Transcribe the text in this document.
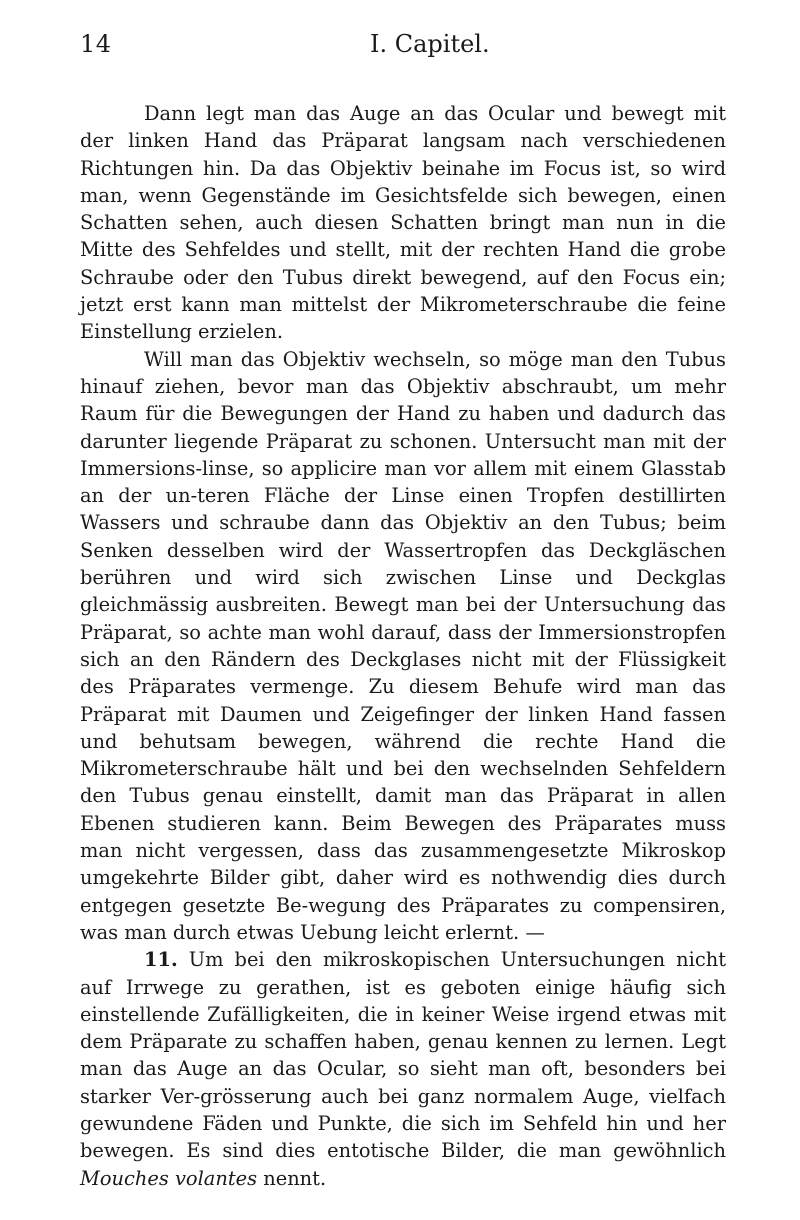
14	I. Capitel.

Dann legt man das Auge an das Ocular und bewegt mit der linken Hand das Präparat langsam nach verschiedenen Richtungen hin. Da das Objektiv beinahe im Focus ist, so wird man, wenn Gegenstände im Gesichtsfelde sich bewegen, einen Schatten sehen, auch diesen Schatten bringt man nun in die Mitte des Sehfeldes und stellt, mit der rechten Hand die grobe Schraube oder den Tubus direkt bewegend, auf den Focus ein; jetzt erst kann man mittelst der Mikrometerschraube die feine Einstellung erzielen.

Will man das Objektiv wechseln, so möge man den Tubus hinauf ziehen, bevor man das Objektiv abschraubt, um mehr Raum für die Bewegungen der Hand zu haben und dadurch das darunter liegende Präparat zu schonen. Untersucht man mit der Immersions-linse, so applicire man vor allem mit einem Glasstab an der un-teren Fläche der Linse einen Tropfen destillirten Wassers und schraube dann das Objektiv an den Tubus; beim Senken desselben wird der Wassertropfen das Deckgläschen berühren und wird sich zwischen Linse und Deckglas gleichmässig ausbreiten. Bewegt man bei der Untersuchung das Präparat, so achte man wohl darauf, dass der Immersionstropfen sich an den Rändern des Deckglases nicht mit der Flüssigkeit des Präparates vermenge. Zu diesem Behufe wird man das Präparat mit Daumen und Zeigefinger der linken Hand fassen und behutsam bewegen, während die rechte Hand die Mikrometerschraube hält und bei den wechselnden Sehfeldern den Tubus genau einstellt, damit man das Präparat in allen Ebenen studieren kann. Beim Bewegen des Präparates muss man nicht vergessen, dass das zusammengesetzte Mikroskop umgekehrte Bilder gibt, daher wird es nothwendig dies durch entgegen gesetzte Be-wegung des Präparates zu compensiren, was man durch etwas Uebung leicht erlernt. —

11. Um bei den mikroskopischen Untersuchungen nicht auf Irrwege zu gerathen, ist es geboten einige häufig sich einstellende Zufälligkeiten, die in keiner Weise irgend etwas mit dem Präparate zu schaffen haben, genau kennen zu lernen. Legt man das Auge an das Ocular, so sieht man oft, besonders bei starker Ver-grösserung auch bei ganz normalem Auge, vielfach gewundene Fäden und Punkte, die sich im Sehfeld hin und her bewegen. Es sind dies entotische Bilder, die man gewöhnlich Mouches volantes nennt.
